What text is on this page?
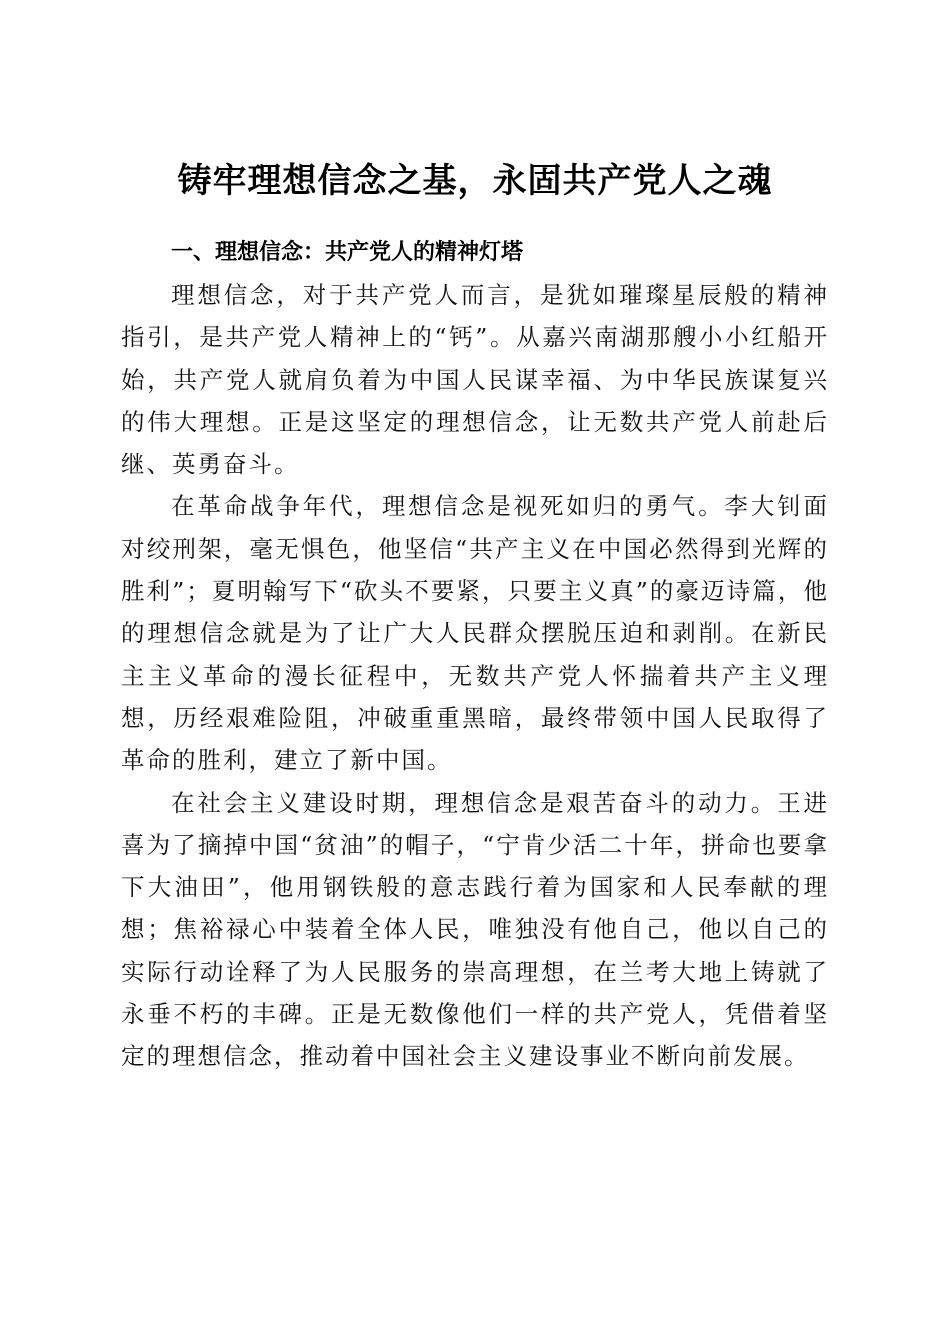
铸牢理想信念之基，永固共产党人之魂
一、理想信念：共产党人的精神灯塔

理想信念，对于共产党人而言，是犹如璀璨星辰般的精神指引，是共产党人精神上的“钙”。从嘉兴南湖那艘小小红船开始，共产党人就肩负着为中国人民谋幸福、为中华民族谋复兴的伟大理想。正是这坚定的理想信念，让无数共产党人前赴后继、英勇奋斗。

在革命战争年代，理想信念是视死如归的勇气。李大钊面对绞刑架，毫无惧色，他坚信“共产主义在中国必然得到光辉的胜利”；夏明翰写下“砍头不要紧，只要主义真”的豪迈诗篇，他的理想信念就是为了让广大人民群众摆脱压迫和剥削。在新民主主义革命的漫长征程中，无数共产党人怀揣着共产主义理想，历经艰难险阻，冲破重重黑暗，最终带领中国人民取得了革命的胜利，建立了新中国。

在社会主义建设时期，理想信念是艰苦奋斗的动力。王进喜为了摘掉中国“贫油”的帽子，“宁肯少活二十年，拼命也要拿下大油田”，他用钢铁般的意志践行着为国家和人民奉献的理想；焦裕禄心中装着全体人民，唯独没有他自己，他以自己的实际行动诠释了为人民服务的崇高理想，在兰考大地上铸就了永垂不朽的丰碑。正是无数像他们一样的共产党人，凭借着坚定的理想信念，推动着中国社会主义建设事业不断向前发展。
